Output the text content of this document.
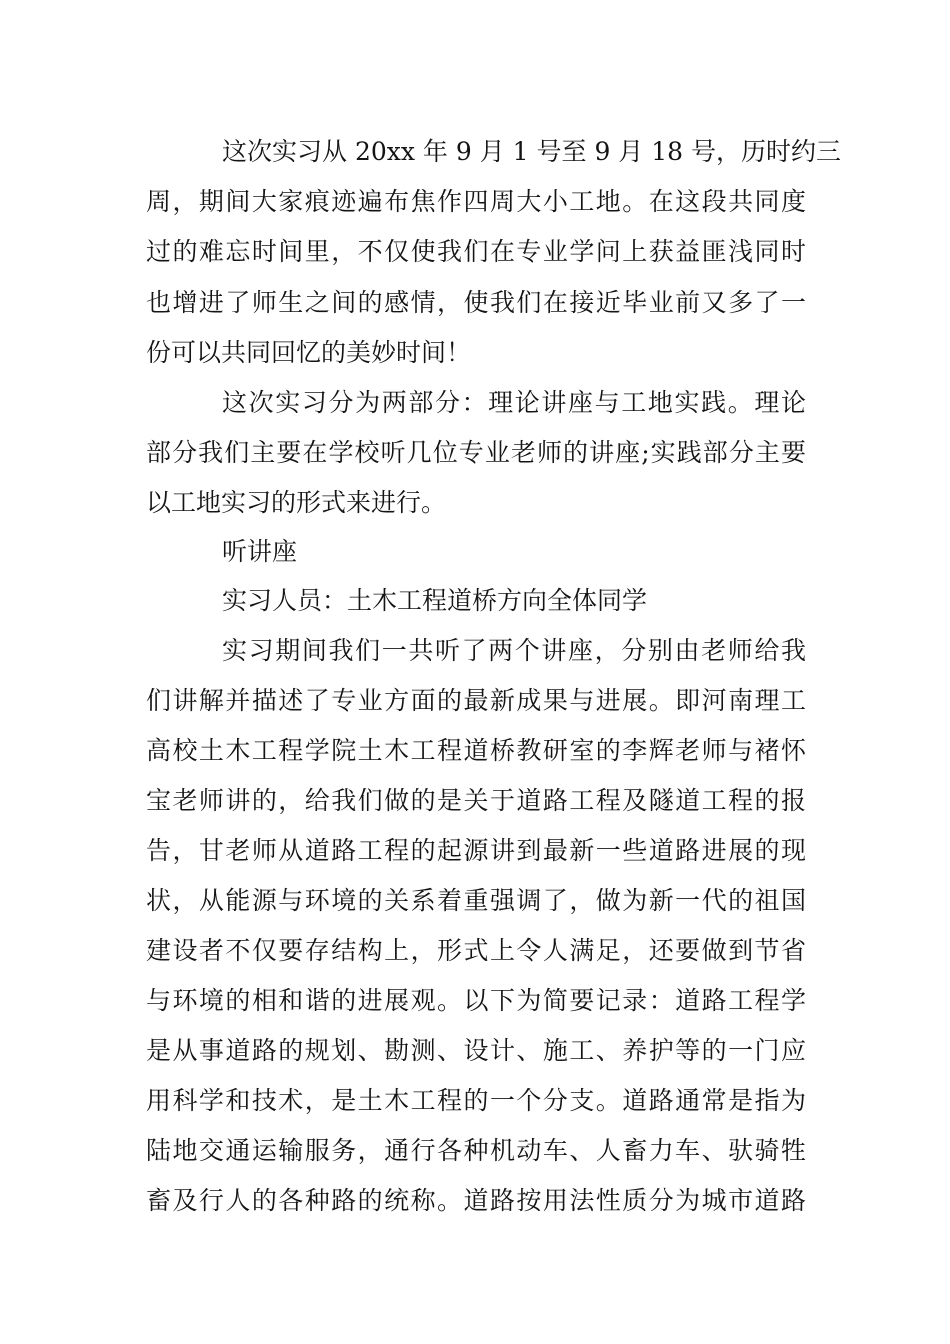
这次实习从 20xx 年 9 月 1 号至 9 月 18 号，历时约三

周，期间大家痕迹遍布焦作四周大小工地。在这段共同度

过的难忘时间里，不仅使我们在专业学问上获益匪浅同时

也增进了师生之间的感情，使我们在接近毕业前又多了一

份可以共同回忆的美妙时间！

这次实习分为两部分：理论讲座与工地实践。理论

部分我们主要在学校听几位专业老师的讲座;实践部分主要

以工地实习的形式来进行。

听讲座

实习人员：土木工程道桥方向全体同学

实习期间我们一共听了两个讲座，分别由老师给我

们讲解并描述了专业方面的最新成果与进展。即河南理工

高校土木工程学院土木工程道桥教研室的李辉老师与褚怀

宝老师讲的，给我们做的是关于道路工程及隧道工程的报

告，甘老师从道路工程的起源讲到最新一些道路进展的现

状，从能源与环境的关系着重强调了，做为新一代的祖国

建设者不仅要存结构上，形式上令人满足，还要做到节省

与环境的相和谐的进展观。以下为简要记录：道路工程学

是从事道路的规划、勘测、设计、施工、养护等的一门应

用科学和技术，是土木工程的一个分支。道路通常是指为

陆地交通运输服务，通行各种机动车、人畜力车、驮骑牲

畜及行人的各种路的统称。道路按用法性质分为城市道路
